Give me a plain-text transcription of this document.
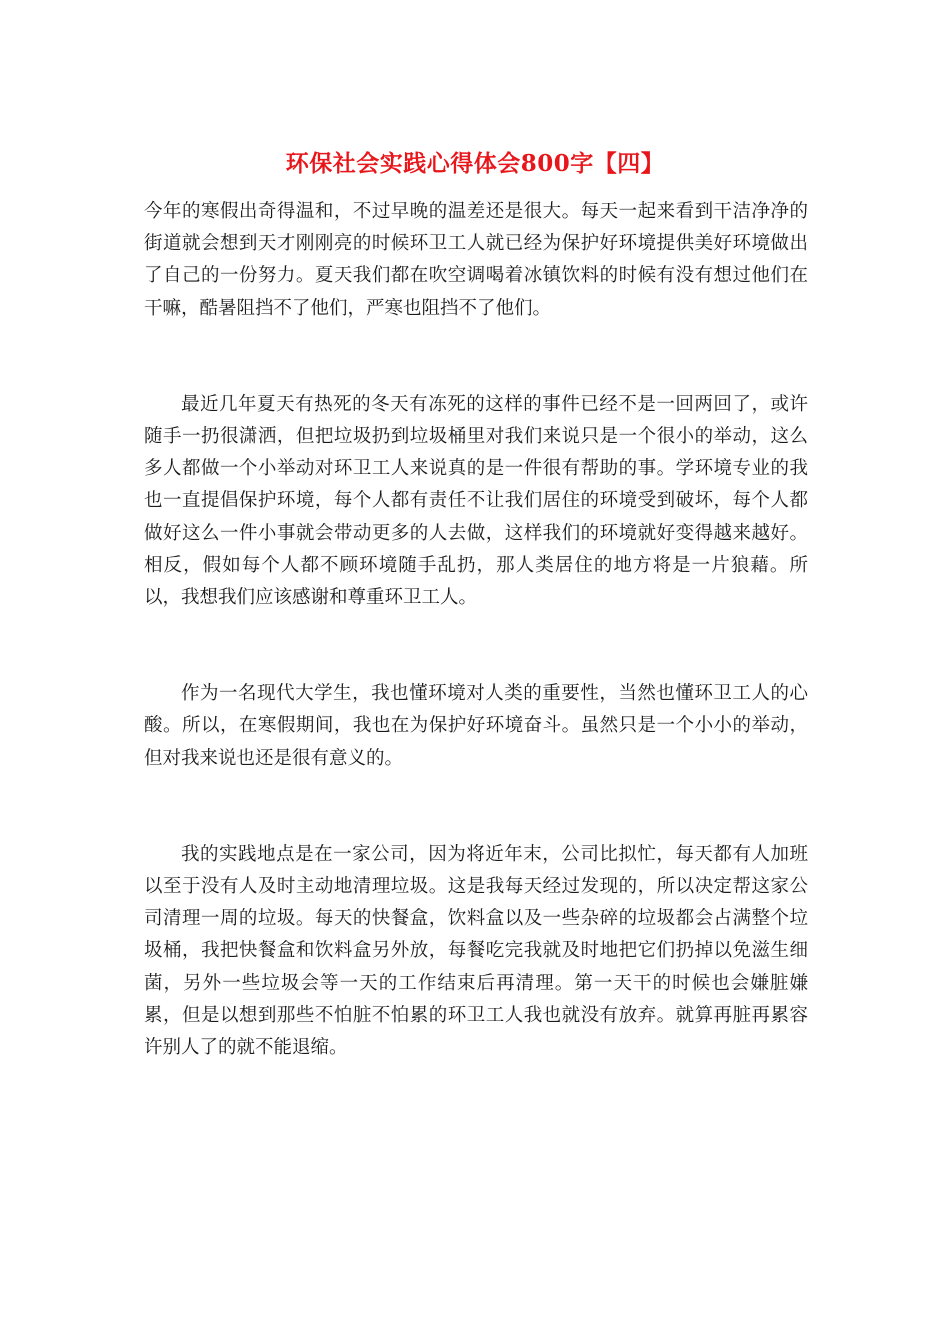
环保社会实践心得体会800字【四】

今年的寒假出奇得温和，不过早晚的温差还是很大。每天一起来看到干洁净净的街道就会想到天才刚刚亮的时候环卫工人就已经为保护好环境提供美好环境做出了自己的一份努力。夏天我们都在吹空调喝着冰镇饮料的时候有没有想过他们在干嘛，酷暑阻挡不了他们，严寒也阻挡不了他们。

最近几年夏天有热死的冬天有冻死的这样的事件已经不是一回两回了，或许随手一扔很潇洒，但把垃圾扔到垃圾桶里对我们来说只是一个很小的举动，这么多人都做一个小举动对环卫工人来说真的是一件很有帮助的事。学环境专业的我也一直提倡保护环境，每个人都有责任不让我们居住的环境受到破坏，每个人都做好这么一件小事就会带动更多的人去做，这样我们的环境就好变得越来越好。相反，假如每个人都不顾环境随手乱扔，那人类居住的地方将是一片狼藉。所以，我想我们应该感谢和尊重环卫工人。

作为一名现代大学生，我也懂环境对人类的重要性，当然也懂环卫工人的心酸。所以，在寒假期间，我也在为保护好环境奋斗。虽然只是一个小小的举动，但对我来说也还是很有意义的。

我的实践地点是在一家公司，因为将近年末，公司比拟忙，每天都有人加班以至于没有人及时主动地清理垃圾。这是我每天经过发现的，所以决定帮这家公司清理一周的垃圾。每天的快餐盒，饮料盒以及一些杂碎的垃圾都会占满整个垃圾桶，我把快餐盒和饮料盒另外放，每餐吃完我就及时地把它们扔掉以免滋生细菌，另外一些垃圾会等一天的工作结束后再清理。第一天干的时候也会嫌脏嫌累，但是以想到那些不怕脏不怕累的环卫工人我也就没有放弃。就算再脏再累容许别人了的就不能退缩。
